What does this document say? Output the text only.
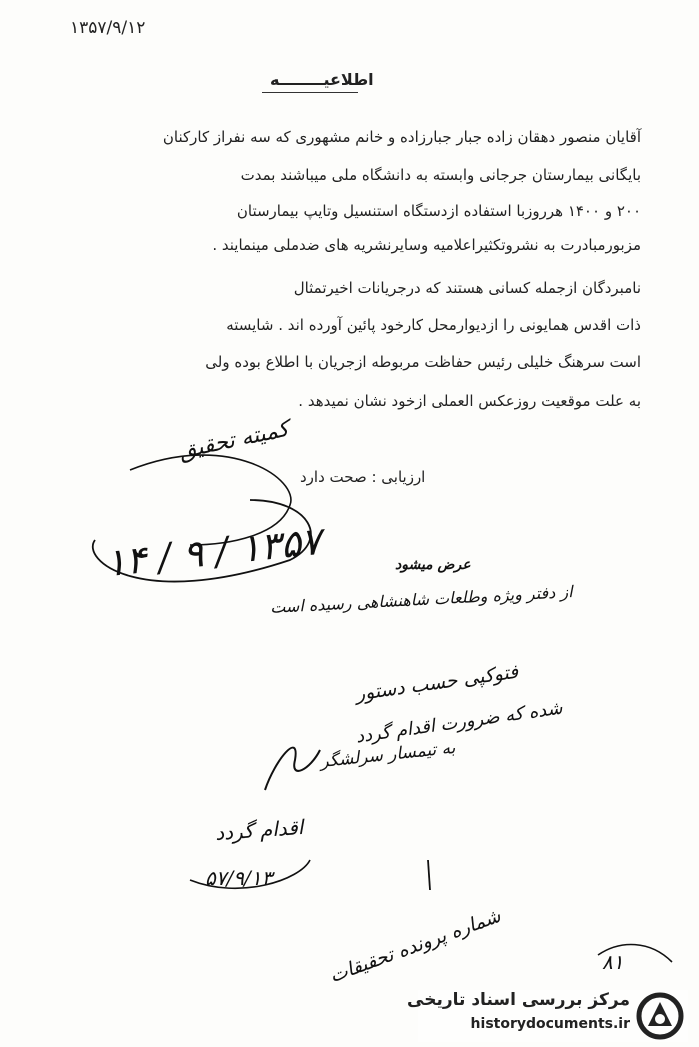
۱۳۵۷/۹/۱۲
اطلاعیــــــــه
آقایان منصور دهقان زاده جبار جبارزاده و خانم مشهوری که سه نفراز کارکنان
بایگانی بیمارستان جرجانی وابسته به دانشگاه ملی میباشند بمدت
۲۰۰ و ۱۴۰۰ هرروزبا استفاده ازدستگاه استنسیل وتایپ بیمارستان
مزبورمبادرت به نشروتکثیراعلامیه وسایرنشریه های ضدملی مینمایند .
نامبردگان ازجمله کسانی هستند که درجریانات اخیرتمثال
ذات اقدس همایونی را ازدیوارمحل کارخود پائین آورده اند . شایسته
است سرهنگ خلیلی رئیس حفاظت مربوطه ازجریان با اطلاع بوده ولی
به علت موقعیت روزعکس العملی ازخود نشان نمیدهد .
ارزیابی : صحت دارد
کمیته تحقیق
۱۴ / ۹ / ۱۳۵۷	عرض میشود
از دفتر ویژه وطلعات شاهنشاهی رسیده است
فتوکپی حسب دستور
شده که ضرورت اقدام گردد
به تیمسار سرلشگر
اقدام گردد
۵۷/۹/۱۳
شماره پرونده تحقیقات	۸۱
مرکز بررسی اسناد تاریخی
historydocuments.ir
